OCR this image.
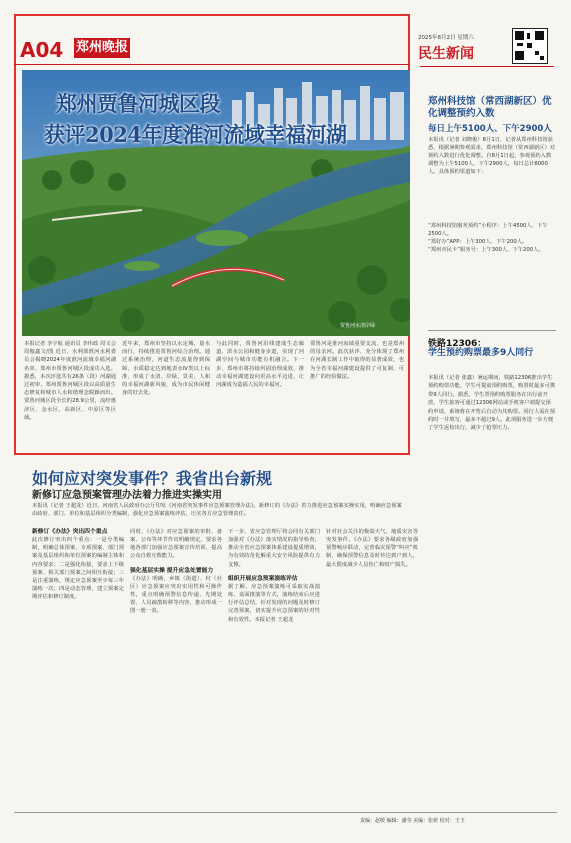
A04 郑州晚报
2025年8月2日 星期六
民生新闻
郑州贾鲁河城区段
获评2024年度淮河流域幸福河湖
贾鲁河水清岸绿
本报记者 李宇航 通讯员 李伟政 周文会 周傲鑫文/图 近日，水利部淮河水利委员会揭晓2024年度淮河流域幸福河湖名单，郑州市贾鲁河城区段成功入选。据悉，本次评选共有26条（段）河湖通过初审，郑州贾鲁河城区段以高质量生态修复和城市人水和谐理念脱颖而出。贾鲁河城区段全长约28.9公里，流经惠济区、金水区、高新区、中原区等区域。
近年来，郑州市坚持以水定城、量水而行，持续推进贾鲁河综合治理。通过系统治理，河道生态流量得到保障，水质稳定达到地表水Ⅳ类以上标准，形成了水清、岸绿、景美、人和的幸福河湖新风貌，成为市民休闲健身的好去处。
与此同时，贾鲁河沿线建成生态廊道、滨水公园和健身步道，实现了河湖空间与城市功能有机融合。下一步，郑州市将持续巩固治理成效，推动幸福河湖建设向更高水平迈进，让河湖成为造福人民的幸福河。
贾鲁河是淮河流域重要支流，也是郑州的母亲河。此次获评，充分体现了郑州在河湖长制工作中取得的显著成效，也为全省幸福河湖建设提供了可复制、可推广的经验做法。
郑州科技馆（常西湖新区）优化调整预约入数
每日上午5100人、下午2900人
本报讯（记者 刘晓俊）8月1日，记者从郑州科技馆获悉，根据暑期参观需求，郑州科技馆（常西湖新区）对预约入数进行优化调整。自8月1日起，参观预约入数调整为上午5100人、下午2900人，每日总计8000人。具体预约渠道如下：
“郑州科技馆服务预约”小程序：上午4500人、下午2500人。
“郑好办”APP：上午300人、下午200人。
“郑州市民卡”服务号：上午300人、下午200人。
铁路12306：
学生预约购票最多9人同行
本报讯（记者 张鑫）暑运期间，铁路12306推出学生预约购票功能，学生可提前预约购票，购票时最多可携带9人同行。据悉，学生票预约购票服务在出行前开放，学生旅客可通过12306网站或手机客户端提交预约申请，系统将在开售后自动为其购票。同行人需在预约时一并填写，最多不超过9人。此项服务进一步方便了学生返校出行，减少了抢票压力。
如何应对突发事件？我省出台新规
新修订应急预案管理办法着力推进实操实用
本报讯（记者 王超龙）近日，河南省人民政府办公厅印发《河南省突发事件应急预案管理办法》。新修订的《办法》着力推进应急预案实操实用，明确应急预案由政府、部门、单位和基层组织分类编制，强化应急预案演练评估，压实各方应急管理责任。
新修订《办法》突出四个重点
此次修订突出四个重点：一是分类编制，明确总体预案、专项预案、部门预案及基层组织和单位预案的编制主体和内容要求；二是强化衔接，要求上下级预案、相关部门预案之间相互衔接；三是注重演练，规定应急预案至少每三年演练一次；四是动态管理，建立预案定期评估和修订制度。
同时，《办法》对应急预案的审批、备案、公布等环节作出明确规定，要求各地各部门加强应急预案宣传培训，提高公众自救互救能力。
强化基层实操 提升应急处置能力
《办法》明确，乡镇（街道）、村（社区）应急预案应突出实用性和可操作性，重点明确预警信息传递、先期处置、人员疏散转移等内容，推动形成一图一册一表。
下一步，省应急管理厅将会同有关部门加强对《办法》落实情况的指导检查，推动全省应急预案体系建设提质增效，为有效防范化解重大安全风险提供有力支撑。
组织开展应急预案演练评估
据了解，应急预案演练可采取实战演练、桌面推演等方式，演练结束后应进行评估总结，针对发现的问题及时修订完善预案，切实提升应急预案的针对性和有效性。本报记者 王超龙
针对社会关注的极端天气、地质灾害等突发事件，《办法》要求各级政府加强预警响应联动，完善临灾预警“叫应”机制，确保预警信息及时传达到户到人，最大限度减少人员伤亡和财产损失。
责编：赵媛 编辑：潘莹 美编：张妍 校对：王玉
